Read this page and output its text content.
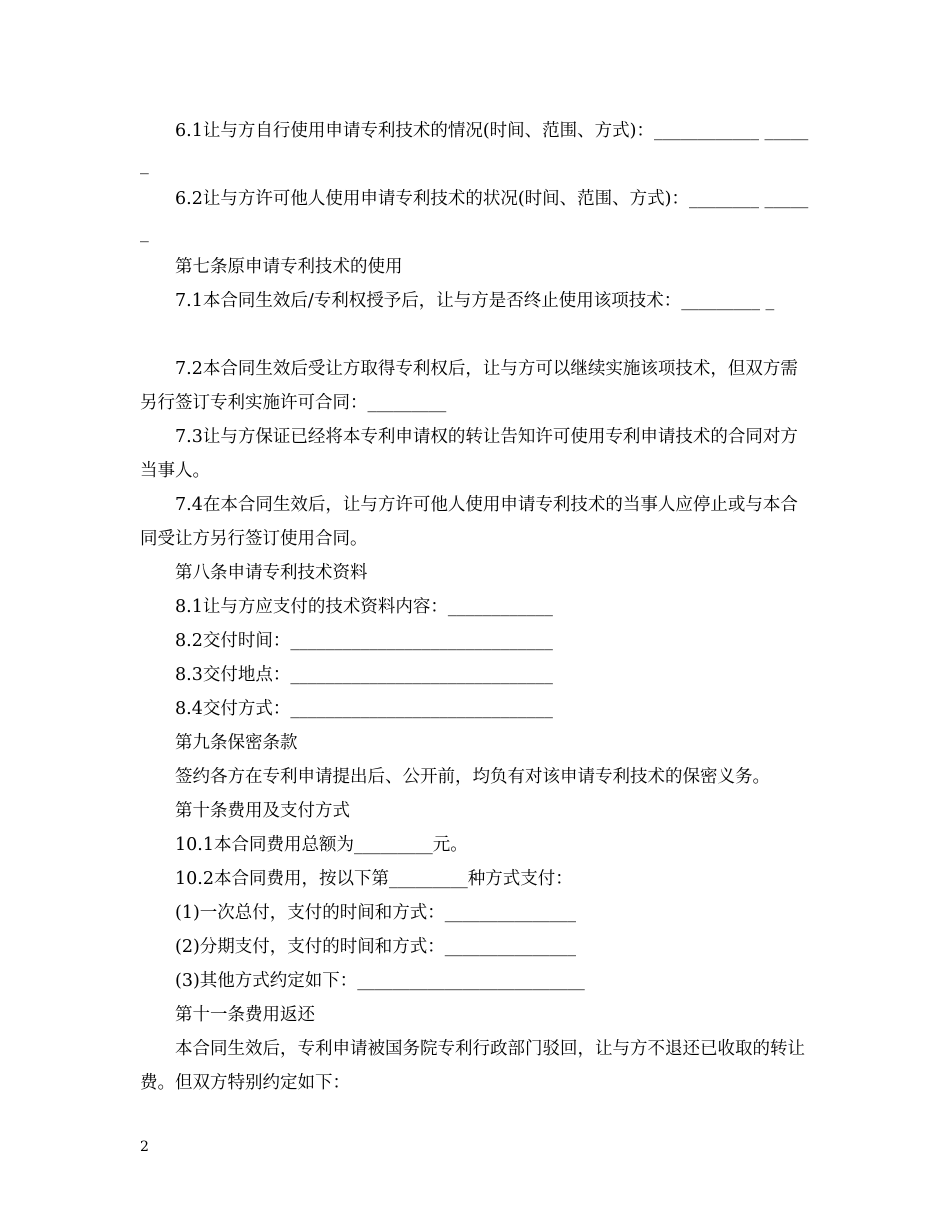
6.1让与方自行使用申请专利技术的情况(时间、范围、方式)：____________ ______

6.2让与方许可他人使用申请专利技术的状况(时间、范围、方式)：________ ______

第七条原申请专利技术的使用

7.1本合同生效后/专利权授予后，让与方是否终止使用该项技术：_________ _

7.2本合同生效后受让方取得专利权后，让与方可以继续实施该项技术，但双方需另行签订专利实施许可合同：_________

7.3让与方保证已经将本专利申请权的转让告知许可使用专利申请技术的合同对方当事人。

7.4在本合同生效后，让与方许可他人使用申请专利技术的当事人应停止或与本合同受让方另行签订使用合同。

第八条申请专利技术资料

8.1让与方应支付的技术资料内容：____________

8.2交付时间：______________________________

8.3交付地点：______________________________

8.4交付方式：______________________________

第九条保密条款

签约各方在专利申请提出后、公开前，均负有对该申请专利技术的保密义务。

第十条费用及支付方式

10.1本合同费用总额为_________元。

10.2本合同费用，按以下第_________种方式支付：

(1)一次总付，支付的时间和方式：_______________

(2)分期支付，支付的时间和方式：_______________

(3)其他方式约定如下：__________________________

第十一条费用返还

本合同生效后，专利申请被国务院专利行政部门驳回，让与方不退还已收取的转让费。但双方特别约定如下：

2
